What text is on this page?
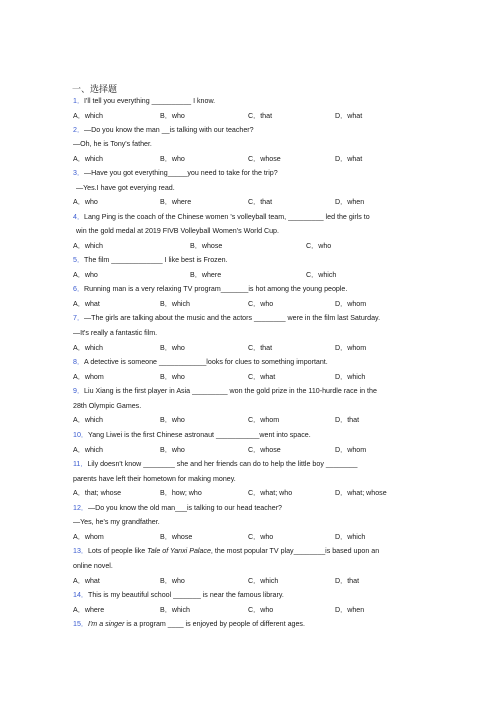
一、选择题
1．I'll tell you everything __________ I know.
A．which	B．who	C．that	D．what
2．—Do you know the man __is talking with our teacher?
—Oh, he is Tony's father.
A．which	B．who	C．whose	D．what
3．—Have you got everything_____you need to take for the trip?
—Yes.I have got everying read.
A．who	B．where	C．that	D．when
4．Lang Ping is the coach of the Chinese women 's volleyball team, _________ led the girls to
win the gold medal at 2019 FIVB Volleyball Women's World Cup.
A．which	B．whose	C．who
5．The film _____________ I like best is Frozen.
A．who	B．where	C．which
6．Running man is a very relaxing TV program_______is hot among the young people.
A．what	B．which	C．who	D．whom
7．—The girls are talking about the music and the actors ________ were in the film last Saturday.
—It's really a fantastic film.
A．which	B．who	C．that	D．whom
8．A detective is someone ____________looks for clues to something important.
A．whom	B．who	C．what	D．which
9．Liu Xiang is the first player in Asia _________ won the gold prize in the 110-hurdle race in the
28th Olympic Games.
A．which	B．who	C．whom	D．that
10．Yang Liwei is the first Chinese astronaut ___________went into space.
A．which	B．who	C．whose	D．whom
11．Lily doesn't know ________ she and her friends can do to help the little boy ________
parents have left their hometown for making money.
A．that; whose	B．how; who	C．what; who	D．what; whose
12．—Do you know the old man___is talking to our head teacher?
—Yes, he's my grandfather.
A．whom	B．whose	C．who	D．which
13．Lots of people like Tale of Yanxi Palace, the most popular TV play________is based upon an
online novel.
A．what	B．who	C．which	D．that
14．This is my beautiful school _______ is near the famous library.
A．where	B．which	C．who	D．when
15．I'm a singer is a program ____ is enjoyed by people of different ages.
